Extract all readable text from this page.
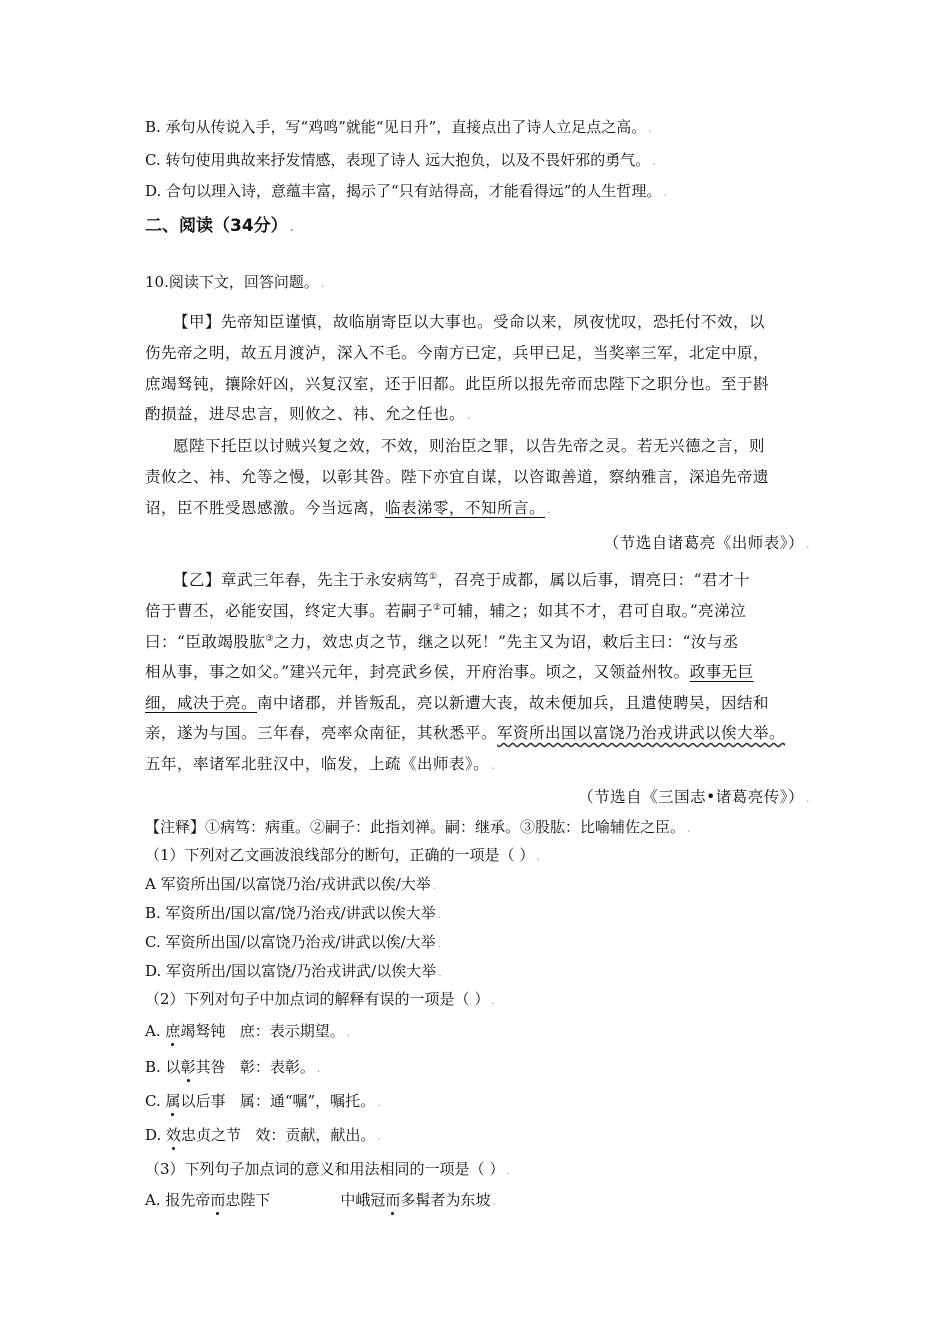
B. 承句从传说入手，写“鸡鸣”就能“见日升”，直接点出了诗人立足点之高。 .
C. 转句使用典故来抒发情感，表现了诗人 远大抱负，以及不畏奸邪的勇气。 .
D. 合句以理入诗，意蕴丰富，揭示了“只有站得高，才能看得远”的人生哲理。 .
二、阅读（34分） .
10.阅读下文，回答问题。 .
【甲】先帝知臣谨慎，故临崩寄臣以大事也。受命以来，夙夜忧叹，恐托付不效，以
伤先帝之明，故五月渡泸，深入不毛。今南方已定，兵甲已足，当奖率三军，北定中原，
庶竭驽钝，攘除奸凶，兴复汉室，还于旧都。此臣所以报先帝而忠陛下之职分也。至于斟
酌损益，进尽忠言，则攸之、祎、允之任也。 .
愿陛下托臣以讨贼兴复之效，不效，则治臣之罪，以告先帝之灵。若无兴德之言，则
责攸之、祎、允等之慢，以彰其咎。陛下亦宜自谋，以咨诹善道，察纳雅言，深追先帝遗
诏，臣不胜受恩感激。今当远离，临表涕零，不知所言。 .
（节选自诸葛亮《出师表》） .
【乙】章武三年春，先主于永安病笃①，召亮于成都，属以后事，谓亮曰：“君才十
倍于曹丕，必能安国，终定大事。若嗣子②可辅，辅之；如其不才，君可自取。”亮涕泣
曰：“臣敢竭股肱③之力，效忠贞之节，继之以死！”先主又为诏，敕后主曰：“汝与丞
相从事，事之如父。”建兴元年，封亮武乡侯，开府治事。顷之，又领益州牧。政事无巨
细，咸决于亮。南中诸郡，并皆叛乱，亮以新遭大丧，故未便加兵，且遣使聘吴，因结和
亲，遂为与国。三年春，亮率众南征，其秋悉平。军资所出国以富饶乃治戎讲武以俟大举。
五年，率诸军北驻汉中，临发，上疏《出师表》。 .
（节选自《三国志•诸葛亮传》） .
【注释】①病笃：病重。②嗣子：此指刘禅。嗣：继承。③股肱：比喻辅佐之臣。 .
（1）下列对乙文画波浪线部分的断句，正确的一项是（ ） .
A 军资所出国/以富饶乃治/戎讲武以俟/大举 .
B. 军资所出/国以富/饶乃治戎/讲武以俟大举 .
C. 军资所出国/以富饶乃治戎/讲武以俟/大举 .
D. 军资所出/国以富饶/乃治戎讲武/以俟大举 .
（2）下列对句子中加点词的解释有误的一项是（ ） .
A. 庶竭驽钝 庶：表示期望。 .
B. 以彰其咎 彰：表彰。 .
C. 属以后事 属：通“嘱”，嘱托。 .
D. 效忠贞之节 效：贡献，献出。 .
（3）下列句子加点词的意义和用法相同的一项是（ ） .
A. 报先帝而忠陛下	中峨冠而多髯者为东坡 .
